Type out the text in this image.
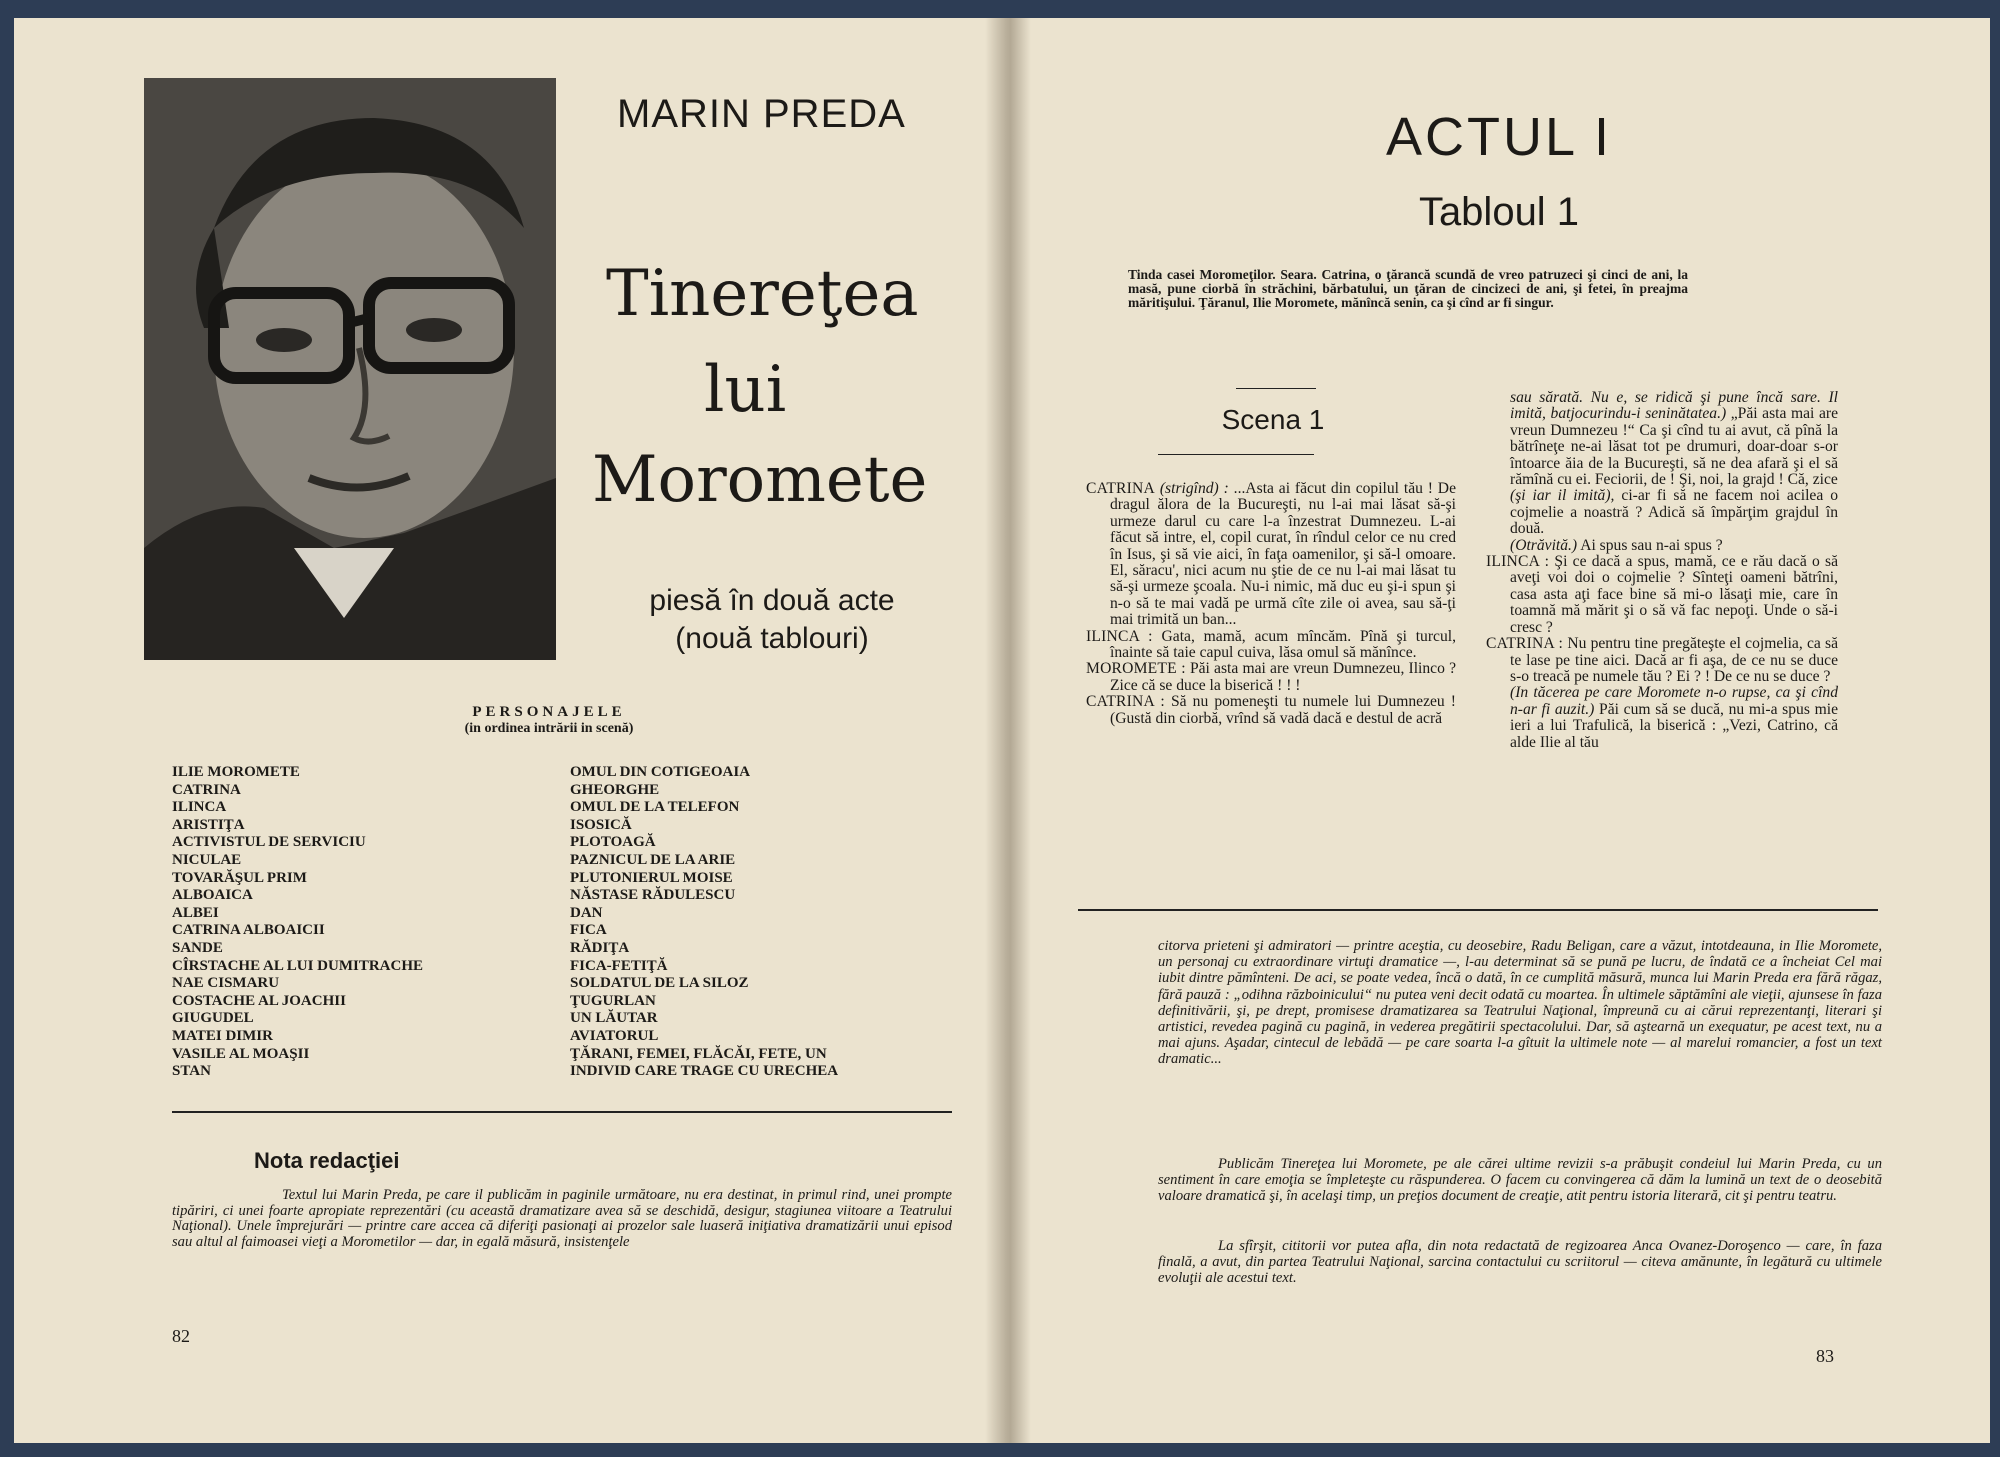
MARIN PREDA
Tinereţea
lui
Moromete
piesă în două acte
(nouă tablouri)
PERSONAJELE
(in ordinea intrării in scenă)
ILIE MOROMETE
CATRINA
ILINCA
ARISTIŢA
ACTIVISTUL DE SERVICIU
NICULAE
TOVARĂŞUL PRIM
ALBOAICA
ALBEI
CATRINA ALBOAICII
SANDE
CÎRSTACHE AL LUI DUMITRACHE
NAE CISMARU
COSTACHE AL JOACHII
GIUGUDEL
MATEI DIMIR
VASILE AL MOAŞII
STAN
OMUL DIN COTIGEOAIA
GHEORGHE
OMUL DE LA TELEFON
ISOSICĂ
PLOTOAGĂ
PAZNICUL DE LA ARIE
PLUTONIERUL MOISE
NĂSTASE RĂDULESCU
DAN
FICA
RĂDIŢA
FICA-FETIŢĂ
SOLDATUL DE LA SILOZ
ŢUGURLAN
UN LĂUTAR
AVIATORUL
ŢĂRANI, FEMEI, FLĂCĂI, FETE, UN
INDIVID CARE TRAGE CU URECHEA
Nota redacţiei
Textul lui Marin Preda, pe care il publicăm in paginile următoare, nu era destinat, in primul rind, unei prompte tipăriri, ci unei foarte apropiate reprezentări (cu această dramatizare avea să se deschidă, desigur, stagiunea viitoare a Teatrului Naţional). Unele împrejurări — printre care accea că diferiţi pasionaţi ai prozelor sale luaseră iniţiativa dramatizării unui episod sau altul al faimoasei vieţi a Morometilor — dar, in egală măsură, insistenţele
82
ACTUL I
Tabloul 1
Tinda casei Moromeţilor. Seara. Catrina, o ţărancă scundă de vreo patruzeci şi cinci de ani, la masă, pune ciorbă în străchini, bărbatului, un ţăran de cincizeci de ani, şi fetei, în preajma măritişului. Ţăranul, Ilie Moromete, mănîncă senin, ca şi cînd ar fi singur.
Scena 1
CATRINA (strigînd) : ...Asta ai făcut din copilul tău ! De dragul ălora de la Bucureşti, nu l-ai mai lăsat să-şi urmeze darul cu care l-a înzestrat Dumnezeu. L-ai făcut să intre, el, copil curat, în rîndul celor ce nu cred în Isus, şi să vie aici, în faţa oamenilor, şi să-l omoare. El, săracu', nici acum nu ştie de ce nu l-ai mai lăsat tu să-şi urmeze şcoala. Nu-i nimic, mă duc eu şi-i spun şi n-o să te mai vadă pe urmă cîte zile oi avea, sau să-ţi mai trimită un ban...
ILINCA : Gata, mamă, acum mîncăm. Pînă şi turcul, înainte să taie capul cuiva, lăsa omul să mănînce.
MOROMETE : Păi asta mai are vreun Dumnezeu, Ilinco ? Zice că se duce la biserică ! ! !
CATRINA : Să nu pomeneşti tu numele lui Dumnezeu ! (Gustă din ciorbă, vrînd să vadă dacă e destul de acră
sau sărată. Nu e, se ridică şi pune încă sare. Il imită, batjocurindu-i seninătatea.) „Păi asta mai are vreun Dumnezeu !“ Ca şi cînd tu ai avut, că pînă la bătrîneţe ne-ai lăsat tot pe drumuri, doar-doar s-or întoarce ăia de la Bucureşti, să ne dea afară şi el să rămînă cu ei. Feciorii, de ! Şi, noi, la grajd ! Că, zice
(şi iar il imită), ci-ar fi să ne facem noi acilea o cojmelie a noastră ? Adică să împărţim grajdul în două.
(Otrăvită.) Ai spus sau n-ai spus ?
ILINCA : Şi ce dacă a spus, mamă, ce e rău dacă o să aveţi voi doi o cojmelie ? Sînteţi oameni bătrîni, casa asta aţi face bine să mi-o lăsaţi mie, care în toamnă mă mărit şi o să vă fac nepoţi. Unde o să-i cresc ?
CATRINA : Nu pentru tine pregăteşte el cojmelia, ca să te lase pe tine aici. Dacă ar fi aşa, de ce nu se duce s-o treacă pe numele tău ? Ei ? ! De ce nu se duce ?
(In tăcerea pe care Moromete n-o rupse, ca şi cînd n-ar fi auzit.) Păi cum să se ducă, nu mi-a spus mie ieri a lui Trafulică, la biserică : „Vezi, Catrino, că alde Ilie al tău
citorva prieteni şi admiratori — printre aceştia, cu deosebire, Radu Beligan, care a văzut, intotdeauna, in Ilie Moromete, un personaj cu extraordinare virtuţi dramatice —, l-au determinat să se pună pe lucru, de îndată ce a încheiat Cel mai iubit dintre pămînteni. De aci, se poate vedea, încă o dată, în ce cumplită măsură, munca lui Marin Preda era fără răgaz, fără pauză : „odihna războinicului“ nu putea veni decit odată cu moartea. În ultimele săptămîni ale vieţii, ajunsese în faza definitivării, şi, pe drept, promisese dramatizarea sa Teatrului Naţional, împreună cu ai cărui reprezentanţi, literari şi artistici, revedea pagină cu pagină, in vederea pregătirii spectacolului. Dar, să aştearnă un exequatur, pe acest text, nu a mai ajuns. Aşadar, cintecul de lebădă — pe care soarta l-a gîtuit la ultimele note — al marelui romancier, a fost un text dramatic...
Publicăm Tinereţea lui Moromete, pe ale cărei ultime revizii s-a prăbuşit condeiul lui Marin Preda, cu un sentiment în care emoţia se împleteşte cu răspunderea. O facem cu convingerea că dăm la lumină un text de o deosebită valoare dramatică şi, în acelaşi timp, un preţios document de creaţie, atit pentru istoria literară, cit şi pentru teatru.
La sfîrşit, cititorii vor putea afla, din nota redactată de regizoarea Anca Ovanez-Doroşenco — care, în faza finală, a avut, din partea Teatrului Naţional, sarcina contactului cu scriitorul — citeva amănunte, în legătură cu ultimele evoluţii ale acestui text.
83
